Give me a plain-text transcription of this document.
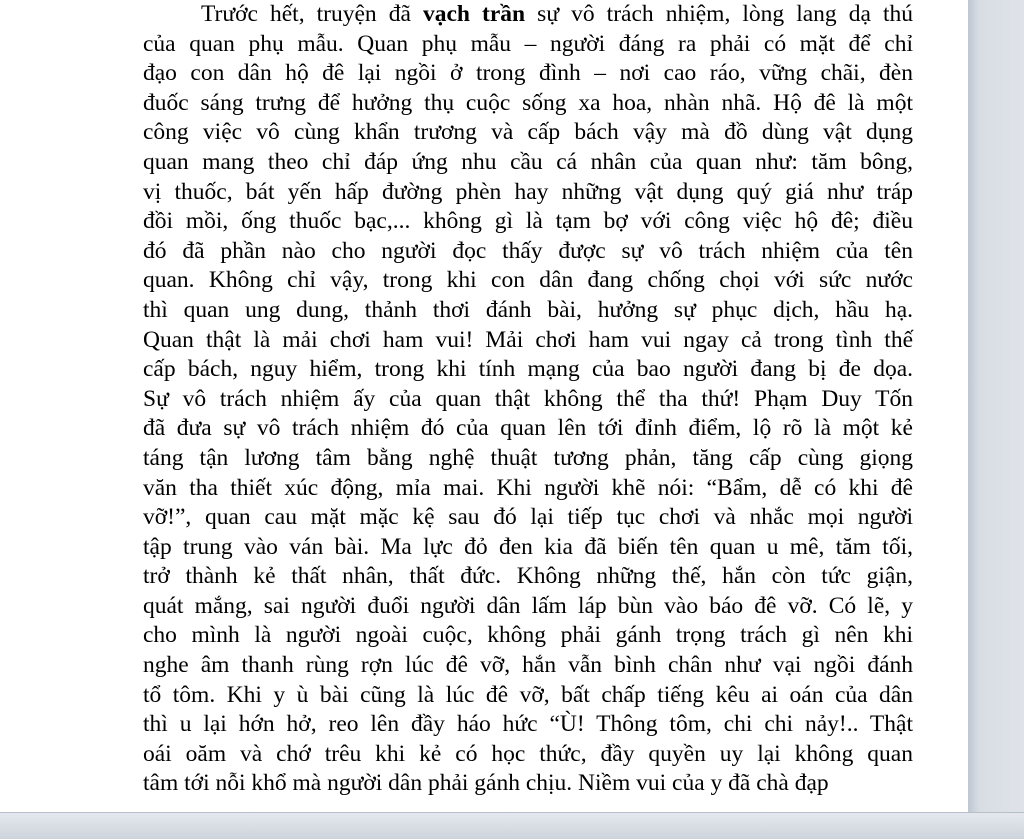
Trước hết, truyện đã vạch trần sự vô trách nhiệm, lòng lang dạ thú
của quan phụ mẫu. Quan phụ mẫu – người đáng ra phải có mặt để chỉ
đạo con dân hộ đê lại ngồi ở trong đình – nơi cao ráo, vững chãi, đèn
đuốc sáng trưng để hưởng thụ cuộc sống xa hoa, nhàn nhã. Hộ đê là một
công việc vô cùng khẩn trương và cấp bách vậy mà đồ dùng vật dụng
quan mang theo chỉ đáp ứng nhu cầu cá nhân của quan như: tăm bông,
vị thuốc, bát yến hấp đường phèn hay những vật dụng quý giá như tráp
đồi mồi, ống thuốc bạc,... không gì là tạm bợ với công việc hộ đê; điều
đó đã phần nào cho người đọc thấy được sự vô trách nhiệm của tên
quan. Không chỉ vậy, trong khi con dân đang chống chọi với sức nước
thì quan ung dung, thảnh thơi đánh bài, hưởng sự phục dịch, hầu hạ.
Quan thật là mải chơi ham vui! Mải chơi ham vui ngay cả trong tình thế
cấp bách, nguy hiểm, trong khi tính mạng của bao người đang bị đe dọa.
Sự vô trách nhiệm ấy của quan thật không thể tha thứ! Phạm Duy Tốn
đã đưa sự vô trách nhiệm đó của quan lên tới đỉnh điểm, lộ rõ là một kẻ
táng tận lương tâm bằng nghệ thuật tương phản, tăng cấp cùng giọng
văn tha thiết xúc động, mỉa mai. Khi người khẽ nói: “Bẩm, dễ có khi đê
vỡ!”, quan cau mặt mặc kệ sau đó lại tiếp tục chơi và nhắc mọi người
tập trung vào ván bài. Ma lực đỏ đen kia đã biến tên quan u mê, tăm tối,
trở thành kẻ thất nhân, thất đức. Không những thế, hắn còn tức giận,
quát mắng, sai người đuổi người dân lấm láp bùn vào báo đê vỡ. Có lẽ, y
cho mình là người ngoài cuộc, không phải gánh trọng trách gì nên khi
nghe âm thanh rùng rợn lúc đê vỡ, hắn vẫn bình chân như vại ngồi đánh
tổ tôm. Khi y ù bài cũng là lúc đê vỡ, bất chấp tiếng kêu ai oán của dân
thì u lại hớn hở, reo lên đầy háo hức “Ù! Thông tôm, chi chi nảy!.. Thật
oái oăm và chớ trêu khi kẻ có học thức, đầy quyền uy lại không quan
tâm tới nỗi khổ mà người dân phải gánh chịu. Niềm vui của y đã chà đạp
